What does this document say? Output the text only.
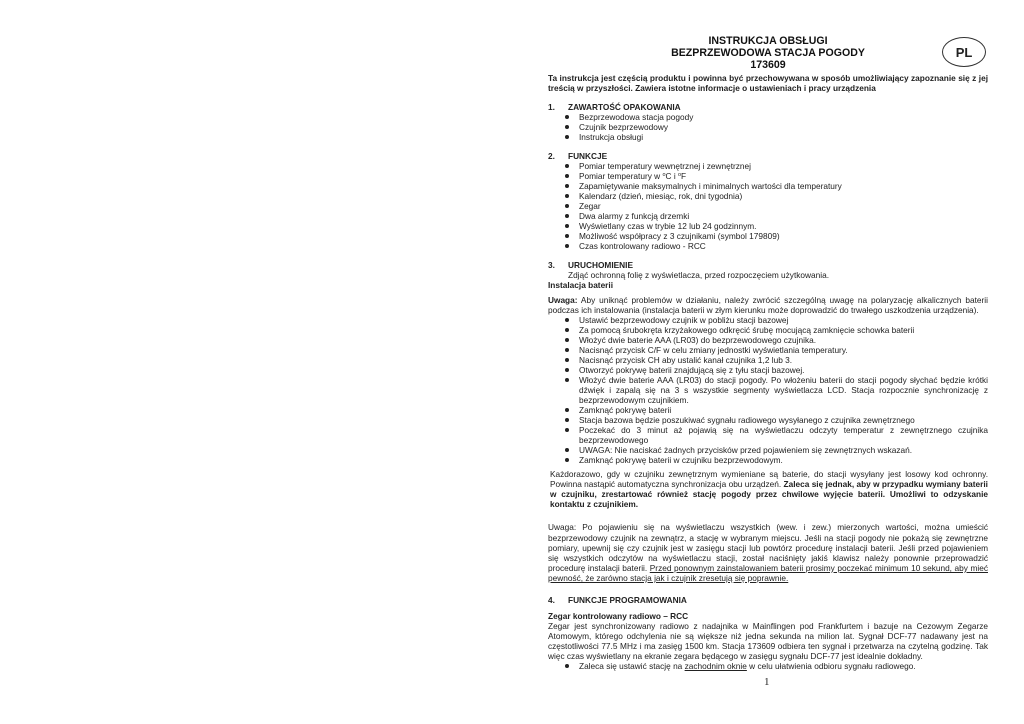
PL
INSTRUKCJA OBSŁUGI
BEZPRZEWODOWA STACJA POGODY
173609
Ta instrukcja jest częścią produktu i powinna być przechowywana w sposób umożliwiający zapoznanie się z jej treścią w przyszłości. Zawiera istotne informacje o ustawieniach i pracy urządzenia
1. ZAWARTOŚĆ OPAKOWANIA
Bezprzewodowa stacja pogody
Czujnik bezprzewodowy
Instrukcja obsługi
2. FUNKCJE
Pomiar temperatury wewnętrznej i zewnętrznej
Pomiar temperatury w $^o$C i $^o$F
Zapamiętywanie maksymalnych i minimalnych wartości dla temperatury
Kalendarz (dzień, miesiąc, rok, dni tygodnia)
Zegar
Dwa alarmy z funkcją drzemki
Wyświetlany czas w trybie 12 lub 24 godzinnym.
Możliwość współpracy z 3 czujnikami (symbol 179809)
Czas kontrolowany radiowo - RCC
3. URUCHOMIENIE
Zdjąć ochronną folię z wyświetlacza, przed rozpoczęciem użytkowania.
Instalacja baterii
Uwaga: Aby uniknąć problemów w działaniu, należy zwrócić szczególną uwagę na polaryzację alkalicznych baterii podczas ich instalowania (instalacja baterii w złym kierunku może doprowadzić do trwałego uszkodzenia urządzenia).
Ustawić bezprzewodowy czujnik w pobliżu stacji bazowej
Za pomocą śrubokręta krzyżakowego odkręcić śrubę mocującą zamknięcie schowka baterii
Włożyć dwie baterie AAA (LR03) do bezprzewodowego czujnika.
Nacisnąć przycisk C/F w celu zmiany jednostki wyświetlania temperatury.
Nacisnąć przycisk CH aby ustalić kanał czujnika 1,2 lub 3.
Otworzyć pokrywę baterii znajdującą się z tyłu stacji bazowej.
Włożyć dwie baterie AAA (LR03) do stacji pogody. Po włożeniu baterii do stacji pogody słychać będzie krótki dźwięk i zapalą się na 3 s wszystkie segmenty wyświetlacza LCD. Stacja rozpocznie synchronizację z bezprzewodowym czujnikiem.
Zamknąć pokrywę baterii
Stacja bazowa będzie poszukiwać sygnału radiowego wysyłanego z czujnika zewnętrznego
Poczekać do 3 minut aż pojawią się na wyświetlaczu odczyty temperatur z zewnętrznego czujnika bezprzewodowego
UWAGA: Nie naciskać żadnych przycisków przed pojawieniem się zewnętrznych wskazań.
Zamknąć pokrywę baterii w czujniku bezprzewodowym.
Każdorazowo, gdy w czujniku zewnętrznym wymieniane są baterie, do stacji wysyłany jest losowy kod ochronny. Powinna nastąpić automatyczna synchronizacja obu urządzeń. Zaleca się jednak, aby w przypadku wymiany baterii w czujniku, zrestartować również stację pogody przez chwilowe wyjęcie baterii. Umożliwi to odzyskanie kontaktu z czujnikiem.
Uwaga: Po pojawieniu się na wyświetlaczu wszystkich (wew. i zew.) mierzonych wartości, można umieścić bezprzewodowy czujnik na zewnątrz, a stację w wybranym miejscu. Jeśli na stacji pogody nie pokażą się zewnętrzne pomiary, upewnij się czy czujnik jest w zasięgu stacji lub powtórz procedurę instalacji baterii. Jeśli przed pojawieniem się wszystkich odczytów na wyświetlaczu stacji, został naciśnięty jakiś klawisz należy ponownie przeprowadzić procedurę instalacji baterii. Przed ponownym zainstalowaniem baterii prosimy poczekać minimum 10 sekund, aby mieć pewność, że zarówno stacja jak i czujnik zresetują się poprawnie.
4. FUNKCJE PROGRAMOWANIA
Zegar kontrolowany radiowo – RCC
Zegar jest synchronizowany radiowo z nadajnika w Mainflingen pod Frankfurtem i bazuje na Cezowym Zegarze Atomowym, którego odchylenia nie są większe niż jedna sekunda na milion lat. Sygnał DCF-77 nadawany jest na częstotliwości 77.5 MHz i ma zasięg 1500 km. Stacja 173609 odbiera ten sygnał i przetwarza na czytelną godzinę. Tak więc czas wyświetlany na ekranie zegara będącego w zasięgu sygnału DCF-77 jest idealnie dokładny.
Zaleca się ustawić stację na zachodnim oknie w celu ułatwienia odbioru sygnału radiowego.
1
